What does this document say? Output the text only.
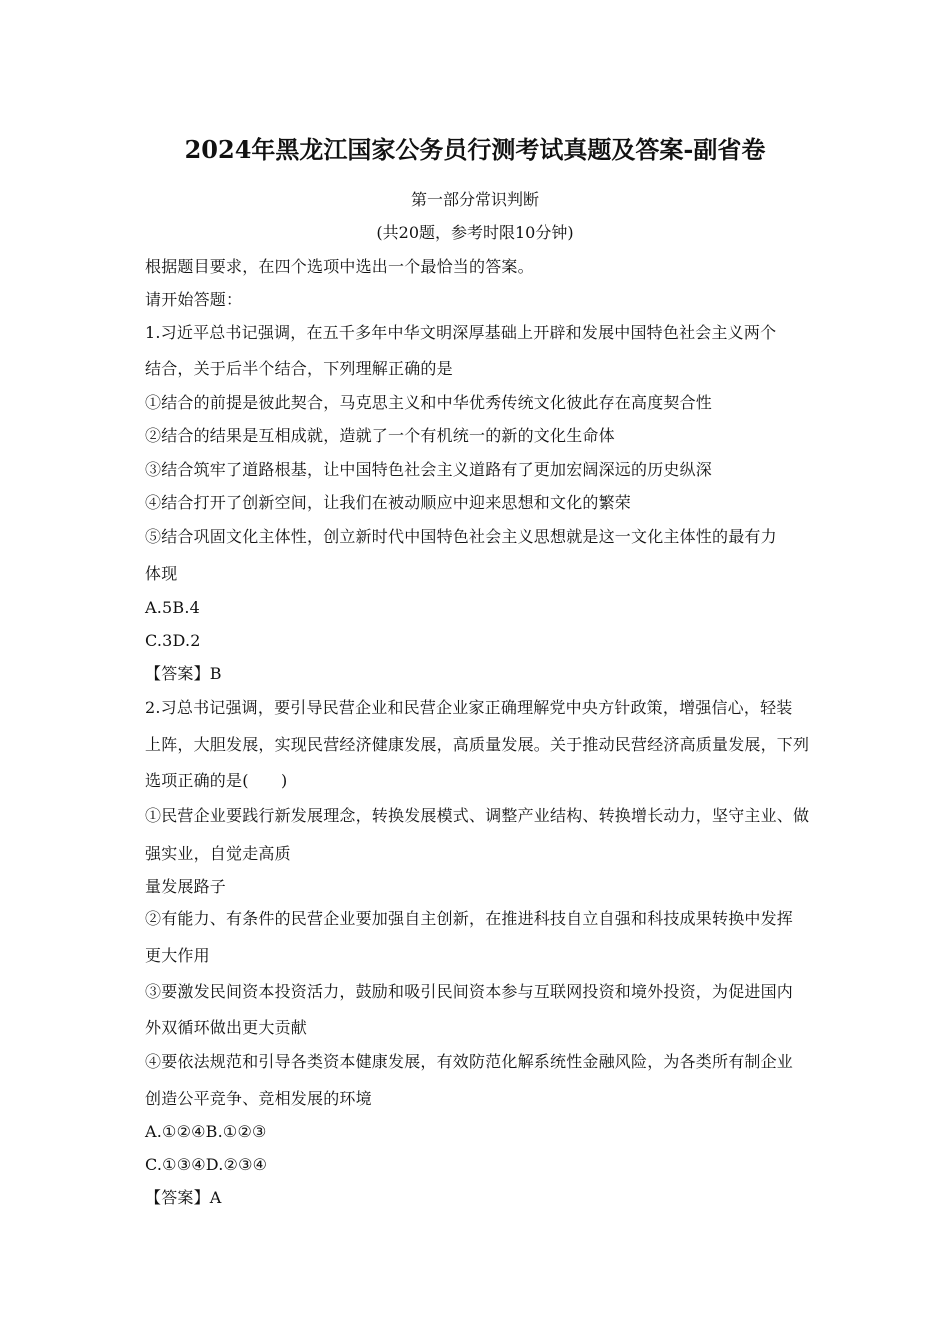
2024年黑龙江国家公务员行测考试真题及答案-副省卷
第一部分常识判断
(共20题，参考时限10分钟)
根据题目要求，在四个选项中选出一个最恰当的答案。
请开始答题：
1.习近平总书记强调，在五千多年中华文明深厚基础上开辟和发展中国特色社会主义两个
结合，关于后半个结合，下列理解正确的是
①结合的前提是彼此契合，马克思主义和中华优秀传统文化彼此存在高度契合性
②结合的结果是互相成就，造就了一个有机统一的新的文化生命体
③结合筑牢了道路根基，让中国特色社会主义道路有了更加宏阔深远的历史纵深
④结合打开了创新空间，让我们在被动顺应中迎来思想和文化的繁荣
⑤结合巩固文化主体性，创立新时代中国特色社会主义思想就是这一文化主体性的最有力
体现
A.5B.4
C.3D.2
【答案】B
2.习总书记强调，要引导民营企业和民营企业家正确理解党中央方针政策，增强信心，轻装
上阵，大胆发展，实现民营经济健康发展，高质量发展。关于推动民营经济高质量发展，下列
选项正确的是(　　)
①民营企业要践行新发展理念，转换发展模式、调整产业结构、转换增长动力，坚守主业、做
强实业，自觉走高质
量发展路子
②有能力、有条件的民营企业要加强自主创新，在推进科技自立自强和科技成果转换中发挥
更大作用
③要激发民间资本投资活力，鼓励和吸引民间资本参与互联网投资和境外投资，为促进国内
外双循环做出更大贡献
④要依法规范和引导各类资本健康发展，有效防范化解系统性金融风险，为各类所有制企业
创造公平竞争、竞相发展的环境
A.①②④B.①②③
C.①③④D.②③④
【答案】A
